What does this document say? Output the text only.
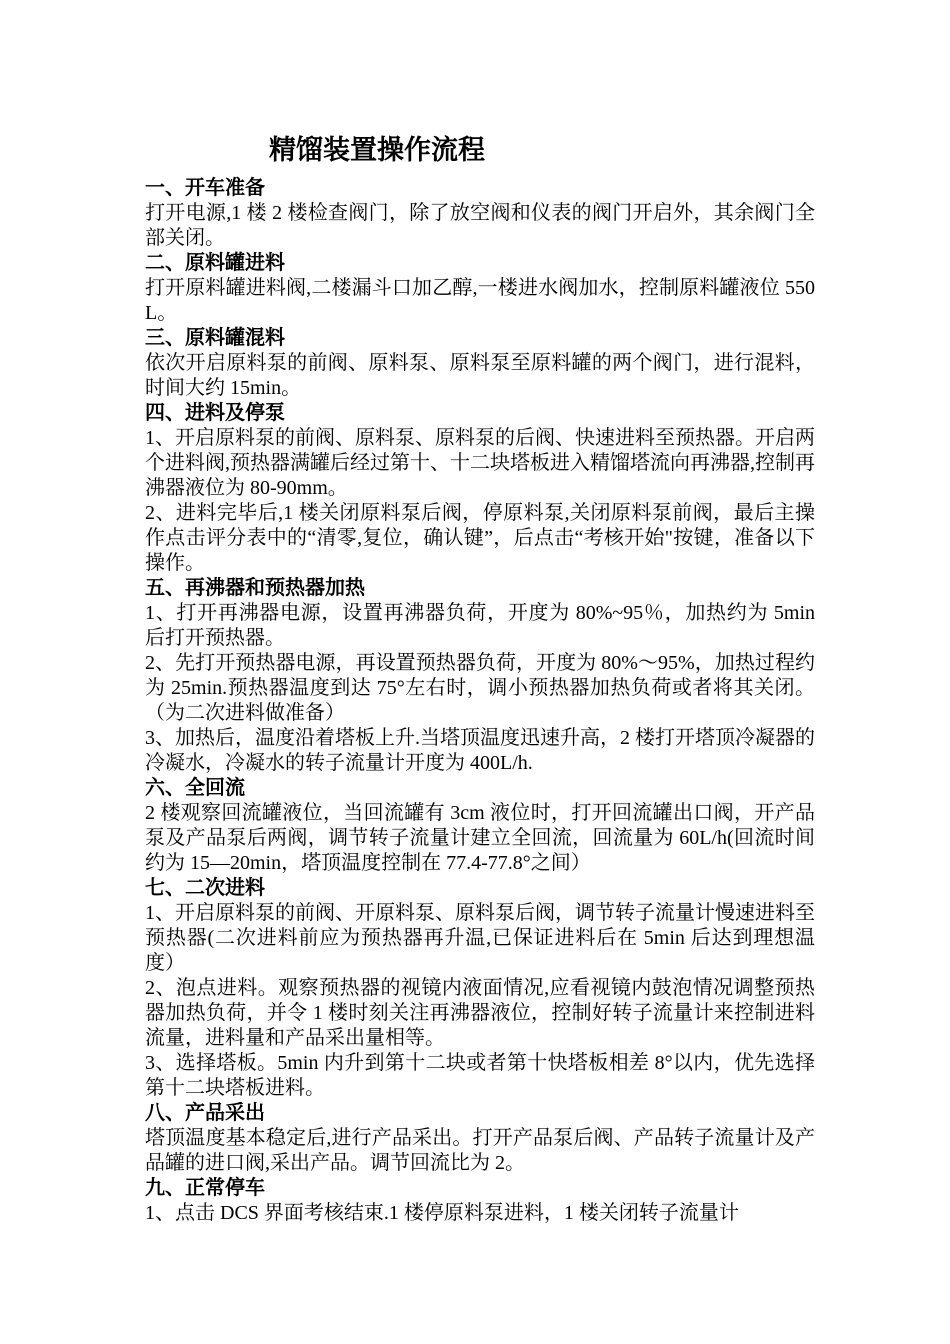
精馏装置操作流程

一、开车准备

打开电源,1 楼 2 楼检查阀门，除了放空阀和仪表的阀门开启外，其余阀门全部关闭。

二、原料罐进料

打开原料罐进料阀,二楼漏斗口加乙醇,一楼进水阀加水，控制原料罐液位 550L。

三、原料罐混料

依次开启原料泵的前阀、原料泵、原料泵至原料罐的两个阀门，进行混料，时间大约 15min。

四、进料及停泵

1、开启原料泵的前阀、原料泵、原料泵的后阀、快速进料至预热器。开启两个进料阀,预热器满罐后经过第十、十二块塔板进入精馏塔流向再沸器,控制再沸器液位为 80-90mm。

2、进料完毕后,1 楼关闭原料泵后阀，停原料泵,关闭原料泵前阀，最后主操作点击评分表中的“清零,复位，确认键”，后点击“考核开始"按键，准备以下操作。

五、再沸器和预热器加热

1、打开再沸器电源，设置再沸器负荷，开度为 80%~95％，加热约为 5min 后打开预热器。

2、先打开预热器电源，再设置预热器负荷，开度为 80%～95%，加热过程约为 25min.预热器温度到达 75°左右时，调小预热器加热负荷或者将其关闭。（为二次进料做准备）

3、加热后，温度沿着塔板上升.当塔顶温度迅速升高，2 楼打开塔顶冷凝器的冷凝水，冷凝水的转子流量计开度为 400L/h.

六、全回流

2 楼观察回流罐液位，当回流罐有 3cm 液位时，打开回流罐出口阀，开产品泵及产品泵后两阀，调节转子流量计建立全回流，回流量为 60L/h(回流时间约为 15—20min，塔顶温度控制在 77.4-77.8°之间）

七、二次进料

1、开启原料泵的前阀、开原料泵、原料泵后阀，调节转子流量计慢速进料至预热器(二次进料前应为预热器再升温,已保证进料后在 5min 后达到理想温度）

2、泡点进料。观察预热器的视镜内液面情况,应看视镜内鼓泡情况调整预热器加热负荷，并令 1 楼时刻关注再沸器液位，控制好转子流量计来控制进料流量，进料量和产品采出量相等。

3、选择塔板。5min 内升到第十二块或者第十快塔板相差 8°以内，优先选择第十二块塔板进料。

八、产品采出

塔顶温度基本稳定后,进行产品采出。打开产品泵后阀、产品转子流量计及产品罐的进口阀,采出产品。调节回流比为 2。

九、正常停车

1、点击 DCS 界面考核结束.1 楼停原料泵进料，1 楼关闭转子流量计
